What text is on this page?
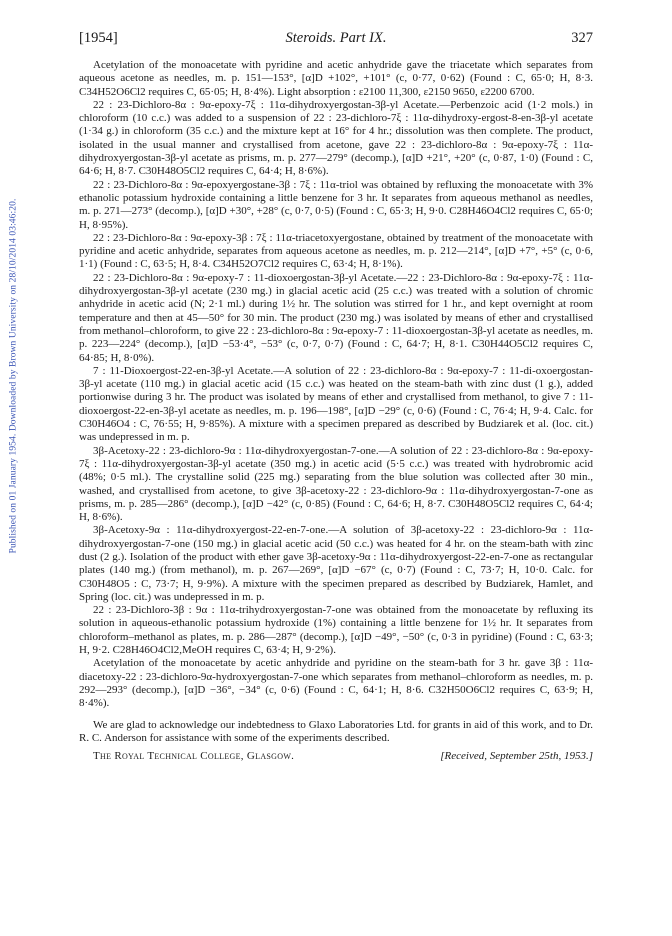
Published on 01 January 1954. Downloaded by Brown University on 28/10/2014 03:46:20.
[1954]	Steroids. Part IX.	327

Acetylation of the monoacetate with pyridine and acetic anhydride gave the triacetate which separates from aqueous acetone as needles, m. p. 151—153°, [α]D +102°, +101° (c, 0·77, 0·62) (Found : C, 65·0; H, 8·3. C34H52O6Cl2 requires C, 65·05; H, 8·4%). Light absorption : ε2100 11,300, ε2150 9650, ε2200 6700.

22 : 23-Dichloro-8α : 9α-epoxy-7ξ : 11α-dihydroxyergostan-3β-yl Acetate.—Perbenzoic acid (1·2 mols.) in chloroform (10 c.c.) was added to a suspension of 22 : 23-dichloro-7ξ : 11α-dihydroxy-ergost-8-en-3β-yl acetate (1·34 g.) in chloroform (35 c.c.) and the mixture kept at 16° for 4 hr.; dissolution was then complete. The product, isolated in the usual manner and crystallised from acetone, gave 22 : 23-dichloro-8α : 9α-epoxy-7ξ : 11α-dihydroxyergostan-3β-yl acetate as prisms, m. p. 277—279° (decomp.), [α]D +21°, +20° (c, 0·87, 1·0) (Found : C, 64·6; H, 8·7. C30H48O5Cl2 requires C, 64·4; H, 8·6%).

22 : 23-Dichloro-8α : 9α-epoxyergostane-3β : 7ξ : 11α-triol was obtained by refluxing the monoacetate with 3% ethanolic potassium hydroxide containing a little benzene for 3 hr. It separates from aqueous methanol as needles, m. p. 271—273° (decomp.), [α]D +30°, +28° (c, 0·7, 0·5) (Found : C, 65·3; H, 9·0. C28H46O4Cl2 requires C, 65·0; H, 8·95%).

22 : 23-Dichloro-8α : 9α-epoxy-3β : 7ξ : 11α-triacetoxyergostane, obtained by treatment of the monoacetate with pyridine and acetic anhydride, separates from aqueous acetone as needles, m. p. 212—214°, [α]D +7°, +5° (c, 0·6, 1·1) (Found : C, 63·5; H, 8·4. C34H52O7Cl2 requires C, 63·4; H, 8·1%).

22 : 23-Dichloro-8α : 9α-epoxy-7 : 11-dioxoergostan-3β-yl Acetate.—22 : 23-Dichloro-8α : 9α-epoxy-7ξ : 11α-dihydroxyergostan-3β-yl acetate (230 mg.) in glacial acetic acid (25 c.c.) was treated with a solution of chromic anhydride in acetic acid (N; 2·1 ml.) during 1½ hr. The solution was stirred for 1 hr., and kept overnight at room temperature and then at 45—50° for 30 min. The product (230 mg.) was isolated by means of ether and crystallised from methanol–chloroform, to give 22 : 23-dichloro-8α : 9α-epoxy-7 : 11-dioxoergostan-3β-yl acetate as needles, m. p. 223—224° (decomp.), [α]D −53·4°, −53° (c, 0·7, 0·7) (Found : C, 64·7; H, 8·1. C30H44O5Cl2 requires C, 64·85; H, 8·0%).

7 : 11-Dioxoergost-22-en-3β-yl Acetate.—A solution of 22 : 23-dichloro-8α : 9α-epoxy-7 : 11-di-oxoergostan-3β-yl acetate (110 mg.) in glacial acetic acid (15 c.c.) was heated on the steam-bath with zinc dust (1 g.), added portionwise during 3 hr. The product was isolated by means of ether and crystallised from methanol, to give 7 : 11-dioxoergost-22-en-3β-yl acetate as needles, m. p. 196—198°, [α]D −29° (c, 0·6) (Found : C, 76·4; H, 9·4. Calc. for C30H46O4 : C, 76·55; H, 9·85%). A mixture with a specimen prepared as described by Budziarek et al. (loc. cit.) was undepressed in m. p.

3β-Acetoxy-22 : 23-dichloro-9α : 11α-dihydroxyergostan-7-one.—A solution of 22 : 23-dichloro-8α : 9α-epoxy-7ξ : 11α-dihydroxyergostan-3β-yl acetate (350 mg.) in acetic acid (5·5 c.c.) was treated with hydrobromic acid (48%; 0·5 ml.). The crystalline solid (225 mg.) separating from the blue solution was collected after 30 min., washed, and crystallised from acetone, to give 3β-acetoxy-22 : 23-dichloro-9α : 11α-dihydroxyergostan-7-one as prisms, m. p. 285—286° (decomp.), [α]D −42° (c, 0·85) (Found : C, 64·6; H, 8·7. C30H48O5Cl2 requires C, 64·4; H, 8·6%).

3β-Acetoxy-9α : 11α-dihydroxyergost-22-en-7-one.—A solution of 3β-acetoxy-22 : 23-dichloro-9α : 11α-dihydroxyergostan-7-one (150 mg.) in glacial acetic acid (50 c.c.) was heated for 4 hr. on the steam-bath with zinc dust (2 g.). Isolation of the product with ether gave 3β-acetoxy-9α : 11α-dihydroxyergost-22-en-7-one as rectangular plates (140 mg.) (from methanol), m. p. 267—269°, [α]D −67° (c, 0·7) (Found : C, 73·7; H, 10·0. Calc. for C30H48O5 : C, 73·7; H, 9·9%). A mixture with the specimen prepared as described by Budziarek, Hamlet, and Spring (loc. cit.) was undepressed in m. p.

22 : 23-Dichloro-3β : 9α : 11α-trihydroxyergostan-7-one was obtained from the monoacetate by refluxing its solution in aqueous-ethanolic potassium hydroxide (1%) containing a little benzene for 1½ hr. It separates from chloroform–methanol as plates, m. p. 286—287° (decomp.), [α]D −49°, −50° (c, 0·3 in pyridine) (Found : C, 63·3; H, 9·2. C28H46O4Cl2,MeOH requires C, 63·4; H, 9·2%).

Acetylation of the monoacetate by acetic anhydride and pyridine on the steam-bath for 3 hr. gave 3β : 11α-diacetoxy-22 : 23-dichloro-9α-hydroxyergostan-7-one which separates from methanol–chloroform as needles, m. p. 292—293° (decomp.), [α]D −36°, −34° (c, 0·6) (Found : C, 64·1; H, 8·6. C32H50O6Cl2 requires C, 63·9; H, 8·4%).

We are glad to acknowledge our indebtedness to Glaxo Laboratories Ltd. for grants in aid of this work, and to Dr. R. C. Anderson for assistance with some of the experiments described.

The Royal Technical College, Glasgow.	[Received, September 25th, 1953.]
